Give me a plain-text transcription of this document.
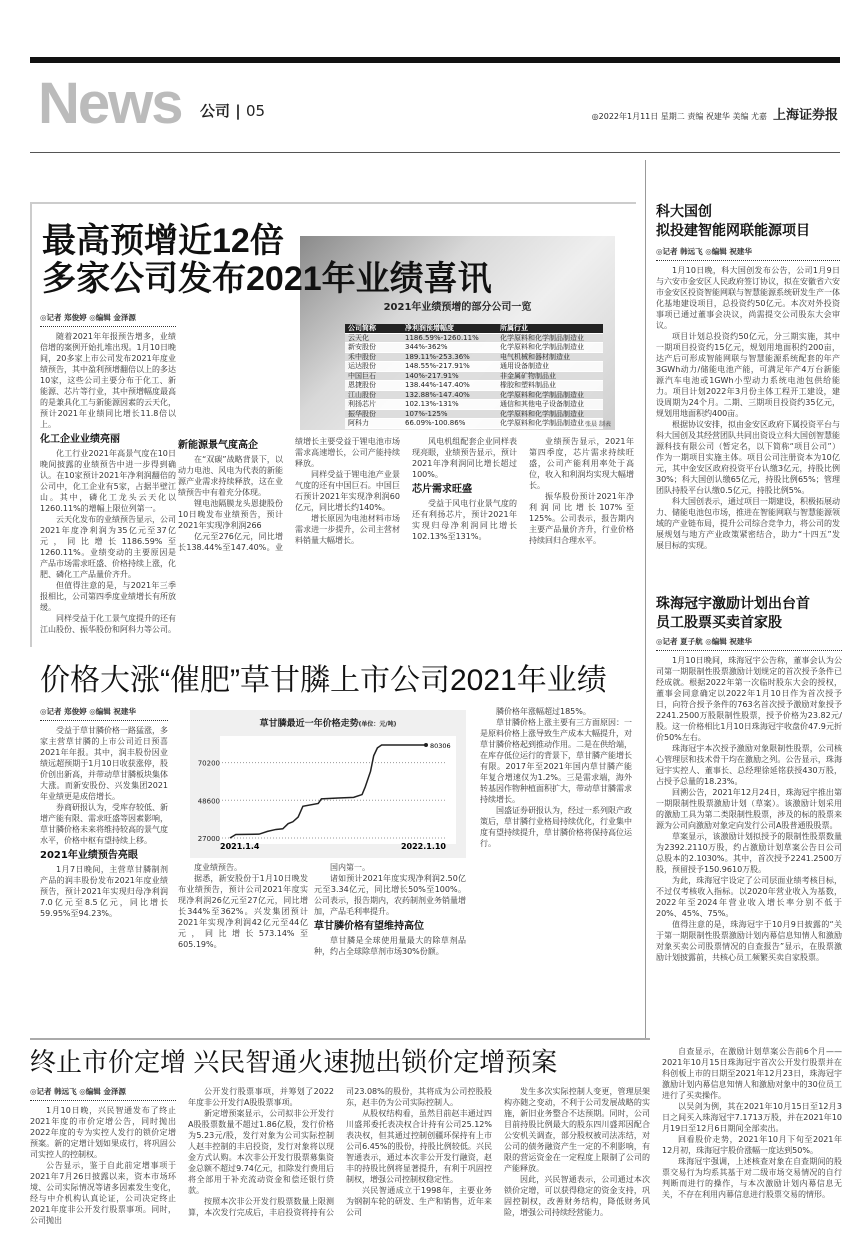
News 公司 | 05	◎2022年1月11日 星期二 责编 祝建华 美编 尤嘉 上海证券报
最高预增近12倍
多家公司发布2021年业绩喜讯
◎记者 郑俊婷 ◎编辑 金泽源

随着2021年年报预告增多，业绩倍增的案例开始扎堆出现。1月10日晚间，20多家上市公司发布2021年度业绩预告，其中盈利预增翻倍以上的多达10家，这些公司主要分布于化工、新能源、芯片等行业，其中预增幅度最高的是兼具化工与新能源因素的云天化，预计2021年业绩同比增长11.8倍以上。

化工企业业绩亮丽

化工行业2021年高景气度在10日晚间披露的业绩预告中进一步得到确认。在10家预计2021年净利润翻倍的公司中，化工企业有5家，占据半壁江山。其中，磷化工龙头云天化以1260.11%的增幅上限位列第一。

云天化发布的业绩预告显示，公司2021年度净利润为35亿元至37亿元，同比增长1186.59%至1260.11%。业绩变动的主要原因是产品市场需求旺盛、价格持续上涨，化肥、磷化工产品量价齐升。

但值得注意的是，与2021年三季报相比，公司第四季度业绩增长有所放缓。

同样受益于化工景气度提升的还有江山股份、振华股份和阿科力等公司。

2021年业绩预增的部分公司一览
公司简称	净利润预增幅度	所属行业
云天化	1186.59%-1260.11%	化学原料和化学制品制造业
新安股份	344%-362%	化学原料和化学制品制造业
禾中股份	189.11%-253.36%	电气机械和器材制造业
运达股份	148.55%-217.91%	通用设备制造业
中国巨石	140%-217.91%	非金属矿物制品业
恩捷股份	138.44%-147.40%	橡胶和塑料制品业
江山股份	132.88%-147.40%	化学原料和化学制品制造业
利扬芯片	102.13%-131%	通信和其他电子设备制造业
振华股份	107%-125%	化学原料和化学制品制造业
阿科力	66.09%-100.86%	化学原料和化学制品制造业 张晨 制表
新能源景气度高企

在“双碳”战略背景下，以动力电池、风电为代表的新能源产业需求持续释放，这在业绩预告中有着充分体现。

锂电池隔膜龙头恩捷股份10日晚发布业绩预告，预计2021年实现净利润266

亿元至276亿元，同比增长138.44%至147.40%。业绩增长主要受益于锂电池市场需求高速增长，公司产能持续释放。

同样受益于锂电池产业景气度的还有中国巨石。中国巨石预计2021年实现净利润60亿元，同比增长约140%。

增长原因为电池材料市场需求进一步提升，公司主营材料销量大幅增长。

风电机组配套企业同样表现亮眼，业绩预告显示，预计2021年净利润同比增长超过100%。

芯片需求旺盛

受益于风电行业景气度的还有利扬芯片，预计2021年实现归母净利润同比增长102.13%至131%。

业绩预告显示，2021年第四季度，芯片需求持续旺盛，公司产能利用率处于高位，收入和利润均实现大幅增长。

振华股份预计2021年净利润同比增长107%至125%。公司表示，报告期内主要产品量价齐升，行业价格持续回归合理水平。

价格大涨“催肥”草甘膦上市公司2021年业绩
◎记者 郑俊婷 ◎编辑 祝建华

受益于草甘膦价格一路猛涨，多家主营草甘膦的上市公司近日预喜2021年年报。其中，润丰股份因业绩远超预期于1月10日收获涨停，股价创出新高，并带动草甘膦板块集体大涨。而新安股份、兴发集团2021年业绩更是成倍增长。

券商研报认为，受库存较低、新增产能有限、需求旺盛等因素影响，草甘膦价格未来将维持较高的景气度水平，价格中枢有望持续上移。

2021年业绩预告亮眼

1月7日晚间，主营草甘膦制剂产品的润丰股份发布2021年度业绩预告，预计2021年实现归母净利润7.0亿元至8.5亿元，同比增长59.95%至94.23%。

草甘膦最近一年价格走势(单位：元/吨)
27000
48600
70200
80306
2021.1.4	2022.1.10

度业绩预告。

据悉，新安股份于1月10日晚发布业绩预告，预计公司2021年度实现净利润26亿元至27亿元，同比增长344%至362%。兴发集团预计2021年实现净利润42亿元至44亿元，同比增长573.14%至605.19%。

国内第一。

诸如预计2021年度实现净利润2.50亿元至3.34亿元，同比增长50%至100%。公司表示，报告期内，农药制剂业务销量增加，产品毛利率提升。

草甘膦价格有望维持高位

草甘膦是全球使用量最大的除草剂品种，约占全球除草剂市场30%份额。

膦价格年涨幅超过185%。

草甘膦价格上涨主要有三方面原因：一是原料价格上涨导致生产成本大幅提升，对草甘膦价格起到推动作用。二是在供给端，在库存低位运行的背景下，草甘膦产能增长有限。2017年至2021年国内草甘膦产能年复合增速仅为1.2%。三是需求端，海外转基因作物种植面积扩大，带动草甘膦需求持续增长。

国盛证券研报认为，经过一系列限产政策后，草甘膦行业格局持续优化，行业集中度有望持续提升，草甘膦价格将保持高位运行。

科大国创
拟投建智能网联能源项目
◎记者 韩远飞 ◎编辑 祝建华

1月10日晚，科大国创发布公告，公司1月9日与六安市金安区人民政府签订协议，拟在安徽省六安市金安区投资智能网联与智慧能源系统研发生产一体化基地建设项目，总投资约50亿元。本次对外投资事项已通过董事会决议，尚需提交公司股东大会审议。

项目计划总投资约50亿元，分三期实施，其中一期项目投资约15亿元，规划用地面积约200亩，达产后可形成智能网联与智慧能源系统配套的年产3GWh动力/储能电池产能，可满足年产4万台新能源汽车电池或1GWh小型动力系统电池包供给能力。项目计划2022年3月份主体工程开工建设，建设周期为24个月。二期、三期项目投资约35亿元，规划用地面积约400亩。

根据协议安排，拟由金安区政府下属投资平台与科大国创及其经营团队共同出资设立科大国创智慧能源科技有限公司（暂定名，以下简称“项目公司”）作为一期项目实施主体。项目公司注册资本为10亿元，其中金安区政府投资平台认缴3亿元，持股比例30%；科大国创认缴65亿元，持股比例65%；管理团队持股平台认缴0.5亿元，持股比例5%。

科大国创表示，通过项目一期建设，积极拓展动力、储能电池包市场，推进在智能网联与智慧能源领域的产业链布局，提升公司综合竞争力，将公司的发展规划与地方产业政策紧密结合，助力“十四五”发展目标的实现。

珠海冠宇激励计划出台首
员工股票买卖首家股
◎记者 夏子航 ◎编辑 祝建华

1月10日晚间，珠海冠宇公告称，董事会认为公司第一期限制性股票激励计划规定的首次授予条件已经成就。根据2022年第一次临时股东大会的授权，董事会同意确定以2022年1月10日作为首次授予日，向符合授予条件的763名首次授予激励对象授予2241.2500万股限制性股票，授予价格为23.82元/股。这一价格相比1月10日珠海冠宇收盘价47.9元折价50%左右。

珠海冠宇本次授予激励对象限制性股票，公司核心管理层和技术骨干均在激励之列。公告显示，珠海冠宇实控人、董事长、总经理徐延铭获授430万股，占授予总量的18.23%。

回溯公告，2021年12月24日，珠海冠宇推出第一期限制性股票激励计划（草案）。该激励计划采用的激励工具为第二类限制性股票，涉及的标的股票来源为公司向激励对象定向发行公司A股普通股股票。

草案显示，该激励计划拟授予的限制性股票数量为2392.2110万股，约占激励计划草案公告日公司总股本的2.1030%。其中，首次授予2241.2500万股，预留授予150.9610万股。

为此，珠海冠宇设定了公司层面业绩考核目标，不过仅考核收入指标。以2020年营业收入为基数，2022年至2024年营业收入增长率分别不低于20%、45%、75%。

值得注意的是，珠海冠宇于10月9日披露的“关于第一期限制性股票激励计划内幕信息知情人和激励对象买卖公司股票情况的自查报告”显示，在股票激励计划披露前，共核心员工频繁买卖自家股票。

自查显示，在激励计划草案公告前6个月——2021年10月15日珠海冠宇首次公开发行股票并在科创板上市的日期至2021年12月23日，珠海冠宇激励计划内幕信息知情人和激励对象中的30位员工进行了买卖操作。

以吴剑为例，其在2021年10月15日至12月3日之间买入珠海冠宇7.1713万股，并在2021年10月19日至12月6日期间全部卖出。

回看股价走势，2021年10月下旬至2021年12月初，珠海冠宇股价涨幅一度达到50%。

珠海冠宇强调，上述核查对象在自查期间的股票交易行为均系其基于对二级市场交易情况的自行判断而进行的操作，与本次激励计划内幕信息无关，不存在利用内幕信息进行股票交易的情形。

终止市价定增 兴民智通火速抛出锁价定增预案
◎记者 韩远飞 ◎编辑 金泽源

1月10日晚，兴民智通发布了终止2021年度的市价定增公告，同时抛出2022年度的专为实控人发行的锁价定增预案。新的定增计划如果成行，将巩固公司实控人的控制权。

公告显示，鉴于自此前定增事项于2021年7月26日披露以来，资本市场环境、公司实际情况等诸多因素发生变化，经与中介机构认真论证，公司决定终止2021年度非公开发行股票事项。同时，公司抛出

公开发行股票事项，并筹划了2022年度非公开发行A股股票事项。

新定增预案显示，公司拟非公开发行A股股票数量不超过1.86亿股，发行价格为5.23元/股，发行对象为公司实际控制人赵丰控制的丰启投资，发行对象将以现金方式认购。本次非公开发行股票募集资金总额不超过9.74亿元，扣除发行费用后将全部用于补充流动资金和偿还银行贷款。

按照本次非公开发行股票数量上限测算，本次发行完成后，丰启投资将持有公司23.08%的股份，其将成为公司控股股东，赵丰仍为公司实际控制人。

从股权结构看，虽然目前赵丰通过四川盛邦委托表决权合计持有公司25.12%表决权，但其通过控制创疆环保持有上市公司6.45%的股份，持股比例较低。兴民智通表示，通过本次非公开发行融资，赵丰的持股比例将显著提升，有利于巩固控制权，增强公司控制权稳定性。

兴民智通成立于1998年，主要业务为钢制车轮的研发、生产和销售，近年来公司

发生多次实际控制人变更，管理层架构亦随之变动，不利于公司发展战略的实施，新旧业务整合不达预期。同时，公司目前持股比例最大的股东四川盛邦因配合公安机关调查，部分股权被司法冻结，对公司的债务融资产生一定的不利影响，有限的营运资金在一定程度上限制了公司的产能释放。

因此，兴民智通表示，公司通过本次锁价定增，可以获得稳定的资金支持，巩固控制权，改善财务结构，降低财务风险，增强公司持续经营能力。
